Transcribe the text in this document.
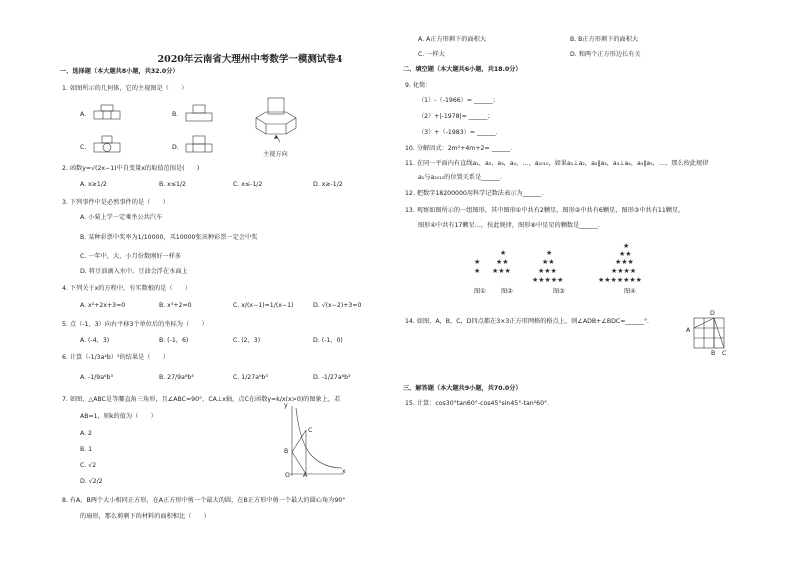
2020年云南省大理州中考数学一模测试卷4
一、选择题（本大题共8小题，共32.0分）
1. 如图所示的几何体，它的主视图是（　　）
A.	B.
C.	D.
主视方向
2. 函数y=√(2x−1)中自变量x的取值范围是(　　)
A. x≥1/2	B. x≤1/2	C. x≤-1/2	D. x≥-1/2
3. 下列事件中是必然事件的是（　　）
A. 小菊上学一定乘坐公共汽车
B. 某种彩票中奖率为1/10000，买10000张该种彩票一定会中奖
C. 一年中，大、小月份数刚好一样多
D. 将豆油滴入水中，豆油会浮在水面上
4. 下列关于x的方程中，有实数根的是（　　）
A. x²+2x+3=0	B. x³+2=0	C. x/(x−1)=1/(x−1)	D. √(x−2)+3=0
5. 点（-1，3）向右平移3个单位后的坐标为（　　）
A. (-4，3)	B. (-1，6)	C. (2，3)	D. (-1，0)
6. 计算（-1/3a²b）³的结果是（　　）
A. -1/9a⁶b³	B. 27/9a⁶b³	C. 1/27a⁶b³	D. -1/27a⁶b³
7. 如图，△ABC是等腰直角三角形，且∠ABC=90°，CA⊥x轴，点C在函数y=k/x(x>0)的图象上，若
AB=1，则k的值为（　　）
A. 2
B. 1
C. √2
D. √2/2
y
C
B
O A
x
8. 有A，B两个大小相同正方形，在A正方形中剪一个最大的圆，在B正方形中剪一个最大的圆心角为90°
的扇形，那么剪剩下的材料的面积相比（　　）
A. A正方形剩下的面积大	B. B正方形剩下的面积大
C. 一样大	D. 和两个正方形边长有关
二、填空题（本大题共6小题，共18.0分）
9. 化简：
（1）-（-1966）= ______；
（2）+|-1978|= ______；
（3）+（-1983）= ______．
10. 分解因式：2m²+4m+2= ______．
11. 在同一平面内有直线a₁，a₂，a₃，a₄，…，a₂₀₁₀，如果a₁⊥a₂，a₂∥a₃，a₃⊥a₄，a₄∥a₅，…，那么按此规律
a₁与a₂₀₁₀的位置关系是______．
12. 把数字18200000用科学记数法表示为______．
13. 观察如图所示的一组图形，其中图形①中共有2颗星，图形②中共有6颗星，图形③中共有11颗星，
图形④中共有17颗星…，按此规律，图形⑧中星星的颗数是______．
★
★
★
★★
★★★
★
★★
★★★
★★★★★
★
★★
★★★
★★★★
★★★★★★★
图① 图②	图③	图④
14. 如图，A，B，C，D四点都在3×3正方形网格的格点上，则∠ADB+∠BDC=______°．
D
A
B C
三、解答题（本大题共9小题，共70.0分）
15. 计算：cos30°tan60°-cos45°sin45°-tan²60°．
